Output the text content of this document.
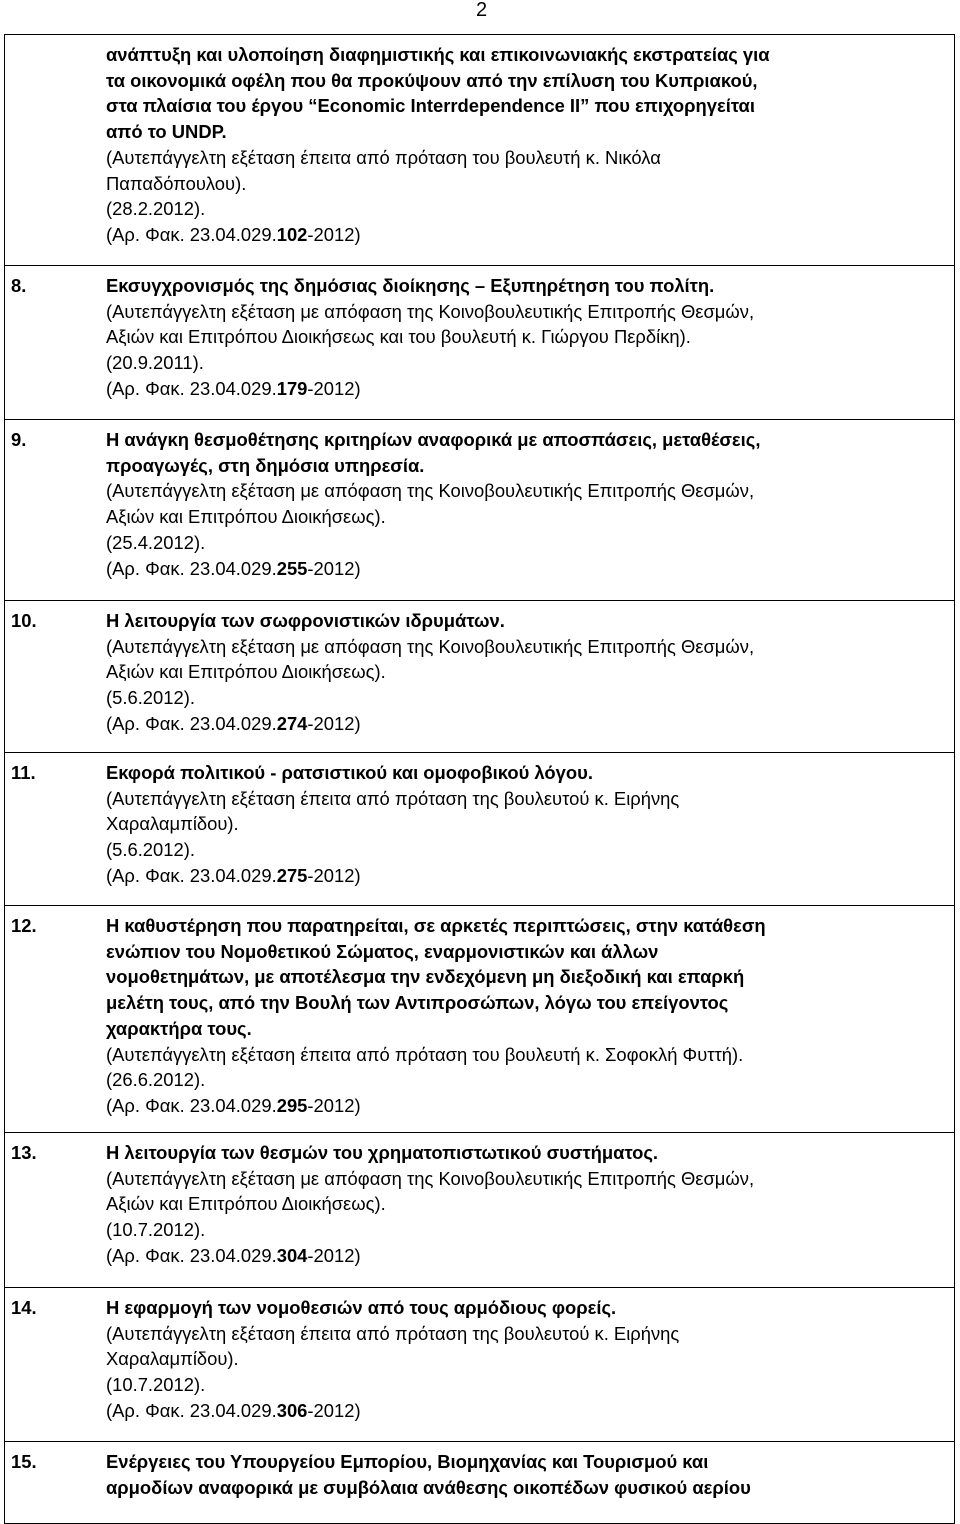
2
ανάπτυξη και υλοποίηση διαφημιστικής και επικοινωνιακής εκστρατείας για
τα οικονομικά οφέλη που θα προκύψουν από την επίλυση του Κυπριακού,
στα πλαίσια του έργου “Economic Interrdependence II” που επιχορηγείται
από το UNDP.
(Αυτεπάγγελτη εξέταση έπειτα από πρόταση του βουλευτή κ. Νικόλα
Παπαδόπουλου).
(28.2.2012).
(Αρ. Φακ. 23.04.029.102-2012)
8.	Εκσυγχρονισμός της δημόσιας διοίκησης – Εξυπηρέτηση του πολίτη.
(Αυτεπάγγελτη εξέταση με απόφαση της Κοινοβουλευτικής Επιτροπής Θεσμών,
Αξιών και Επιτρόπου Διοικήσεως και του βουλευτή κ. Γιώργου Περδίκη).
(20.9.2011).
(Αρ. Φακ. 23.04.029.179-2012)
9.	Η ανάγκη θεσμοθέτησης κριτηρίων αναφορικά με αποσπάσεις, μεταθέσεις,
προαγωγές, στη δημόσια υπηρεσία.
(Αυτεπάγγελτη εξέταση με απόφαση της Κοινοβουλευτικής Επιτροπής Θεσμών,
Αξιών και Επιτρόπου Διοικήσεως).
(25.4.2012).
(Αρ. Φακ. 23.04.029.255-2012)
10.	Η λειτουργία των σωφρονιστικών ιδρυμάτων.
(Αυτεπάγγελτη εξέταση με απόφαση της Κοινοβουλευτικής Επιτροπής Θεσμών,
Αξιών και Επιτρόπου Διοικήσεως).
(5.6.2012).
(Αρ. Φακ. 23.04.029.274-2012)
11.	Εκφορά πολιτικού - ρατσιστικού και ομοφοβικού λόγου.
(Αυτεπάγγελτη εξέταση έπειτα από πρόταση της βουλευτού κ. Ειρήνης
Χαραλαμπίδου).
(5.6.2012).
(Αρ. Φακ. 23.04.029.275-2012)
12.	Η καθυστέρηση που παρατηρείται, σε αρκετές περιπτώσεις, στην κατάθεση
ενώπιον του Νομοθετικού Σώματος, εναρμονιστικών και άλλων
νομοθετημάτων, με αποτέλεσμα την ενδεχόμενη μη διεξοδική και επαρκή
μελέτη τους, από την Βουλή των Αντιπροσώπων, λόγω του επείγοντος
χαρακτήρα τους.
(Αυτεπάγγελτη εξέταση έπειτα από πρόταση του βουλευτή κ. Σοφοκλή Φυττή).
(26.6.2012).
(Αρ. Φακ. 23.04.029.295-2012)
13.	Η λειτουργία των θεσμών του χρηματοπιστωτικού συστήματος.
(Αυτεπάγγελτη εξέταση με απόφαση της Κοινοβουλευτικής Επιτροπής Θεσμών,
Αξιών και Επιτρόπου Διοικήσεως).
(10.7.2012).
(Αρ. Φακ. 23.04.029.304-2012)
14.	Η εφαρμογή των νομοθεσιών από τους αρμόδιους φορείς.
(Αυτεπάγγελτη εξέταση έπειτα από πρόταση της βουλευτού κ. Ειρήνης
Χαραλαμπίδου).
(10.7.2012).
(Αρ. Φακ. 23.04.029.306-2012)
15.	Ενέργειες του Υπουργείου Εμπορίου, Βιομηχανίας και Τουρισμού και
αρμοδίων αναφορικά με συμβόλαια ανάθεσης οικοπέδων φυσικού αερίου
